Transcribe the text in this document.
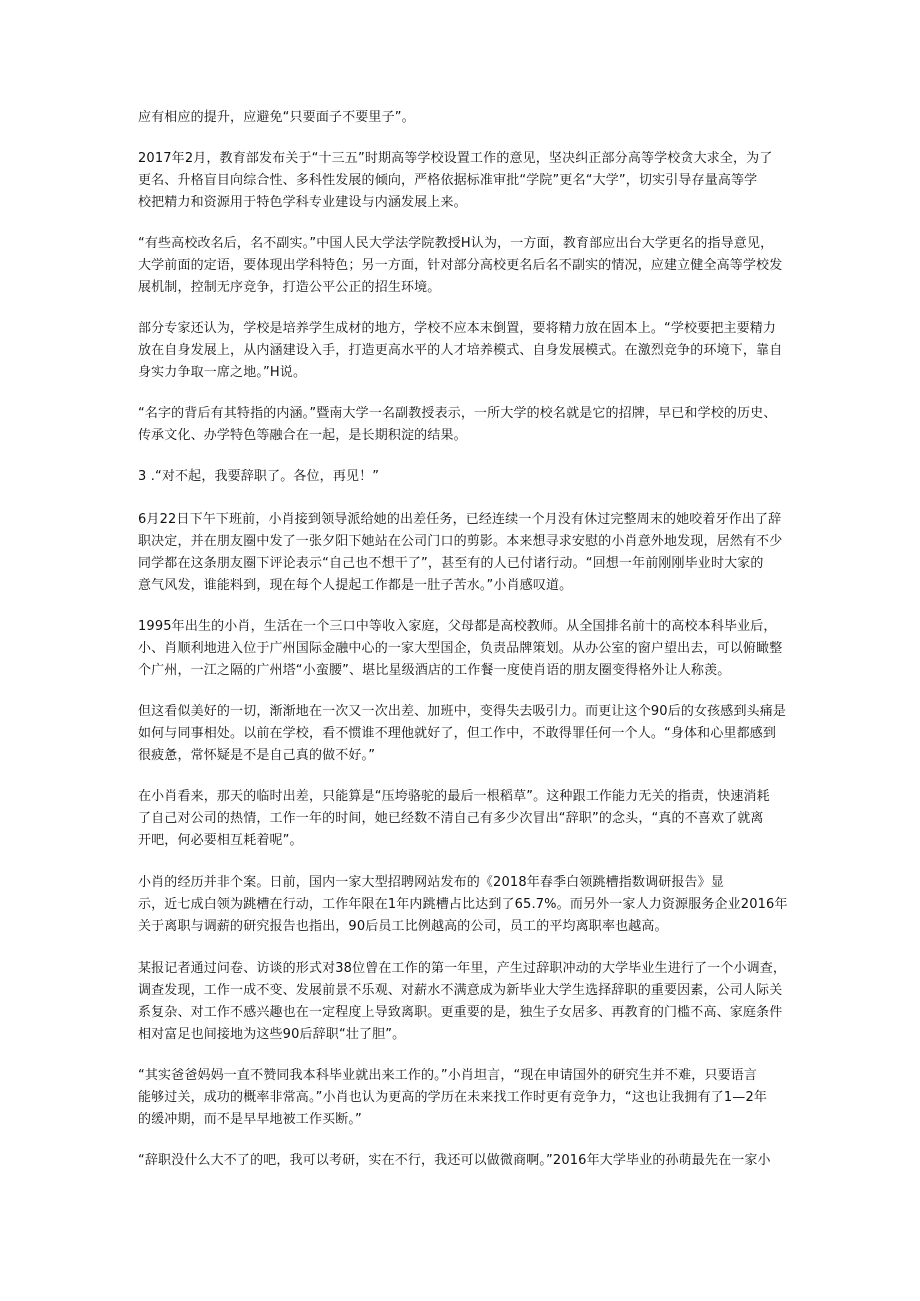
应有相应的提升，应避免“只要面子不要里子”。
2017年2月，教育部发布关于“十三五”时期高等学校设置工作的意见，坚决纠正部分高等学校贪大求全，为了
更名、升格盲目向综合性、多科性发展的倾向，严格依据标准审批“学院”更名“大学”，切实引导存量高等学
校把精力和资源用于特色学科专业建设与内涵发展上来。
“有些高校改名后，名不副实。”中国人民大学法学院教授H认为，一方面，教育部应出台大学更名的指导意见，
大学前面的定语，要体现出学科特色；另一方面，针对部分高校更名后名不副实的情况，应建立健全高等学校发
展机制，控制无序竞争，打造公平公正的招生环境。
部分专家还认为，学校是培养学生成材的地方，学校不应本末倒置，要将精力放在固本上。“学校要把主要精力
放在自身发展上，从内涵建设入手，打造更高水平的人才培养模式、自身发展模式。在激烈竞争的环境下，靠自
身实力争取一席之地。”H说。
“名字的背后有其特指的内涵。”暨南大学一名副教授表示，一所大学的校名就是它的招牌，早已和学校的历史、
传承文化、办学特色等融合在一起，是长期积淀的结果。
3 .“对不起，我要辞职了。各位，再见！”
6月22日下午下班前，小肖接到领导派给她的出差任务，已经连续一个月没有休过完整周末的她咬着牙作出了辞
职决定，并在朋友圈中发了一张夕阳下她站在公司门口的剪影。本来想寻求安慰的小肖意外地发现，居然有不少
同学都在这条朋友圈下评论表示“自己也不想干了”，甚至有的人已付诸行动。“回想一年前刚刚毕业时大家的
意气风发，谁能料到，现在每个人提起工作都是一肚子苦水。”小肖感叹道。
1995年出生的小肖，生活在一个三口中等收入家庭，父母都是高校教师。从全国排名前十的高校本科毕业后，
小、肖顺利地进入位于广州国际金融中心的一家大型国企，负责品牌策划。从办公室的窗户望出去，可以俯瞰整
个广州，一江之隔的广州塔“小蛮腰”、堪比星级酒店的工作餐一度使肖语的朋友圈变得格外让人称羡。
但这看似美好的一切，渐渐地在一次又一次出差、加班中，变得失去吸引力。而更让这个90后的女孩感到头痛是
如何与同事相处。以前在学校，看不惯谁不理他就好了，但工作中，不敢得罪任何一个人。“身体和心里都感到
很疲惫，常怀疑是不是自己真的做不好。”
在小肖看来，那天的临时出差，只能算是“压垮骆驼的最后一根稻草”。这种跟工作能力无关的指责，快速消耗
了自己对公司的热情，工作一年的时间，她已经数不清自己有多少次冒出“辞职”的念头，“真的不喜欢了就离
开吧，何必要相互耗着呢”。
小肖的经历并非个案。日前，国内一家大型招聘网站发布的《2018年春季白领跳槽指数调研报告》显
示，近七成白领为跳槽在行动，工作年限在1年内跳槽占比达到了65.7%。而另外一家人力资源服务企业2016年
关于离职与调薪的研究报告也指出，90后员工比例越高的公司，员工的平均离职率也越高。
某报记者通过问卷、访谈的形式对38位曾在工作的第一年里，产生过辞职冲动的大学毕业生进行了一个小调查，
调查发现，工作一成不变、发展前景不乐观、对薪水不满意成为新毕业大学生选择辞职的重要因素，公司人际关
系复杂、对工作不感兴趣也在一定程度上导致离职。更重要的是，独生子女居多、再教育的门槛不高、家庭条件
相对富足也间接地为这些90后辞职“壮了胆”。
“其实爸爸妈妈一直不赞同我本科毕业就出来工作的。”小肖坦言，“现在申请国外的研究生并不难，只要语言
能够过关，成功的概率非常高。”小肖也认为更高的学历在未来找工作时更有竞争力，“这也让我拥有了1—2年
的缓冲期，而不是早早地被工作买断。”
“辞职没什么大不了的吧，我可以考研，实在不行，我还可以做微商啊。”2016年大学毕业的孙萌最先在一家小
